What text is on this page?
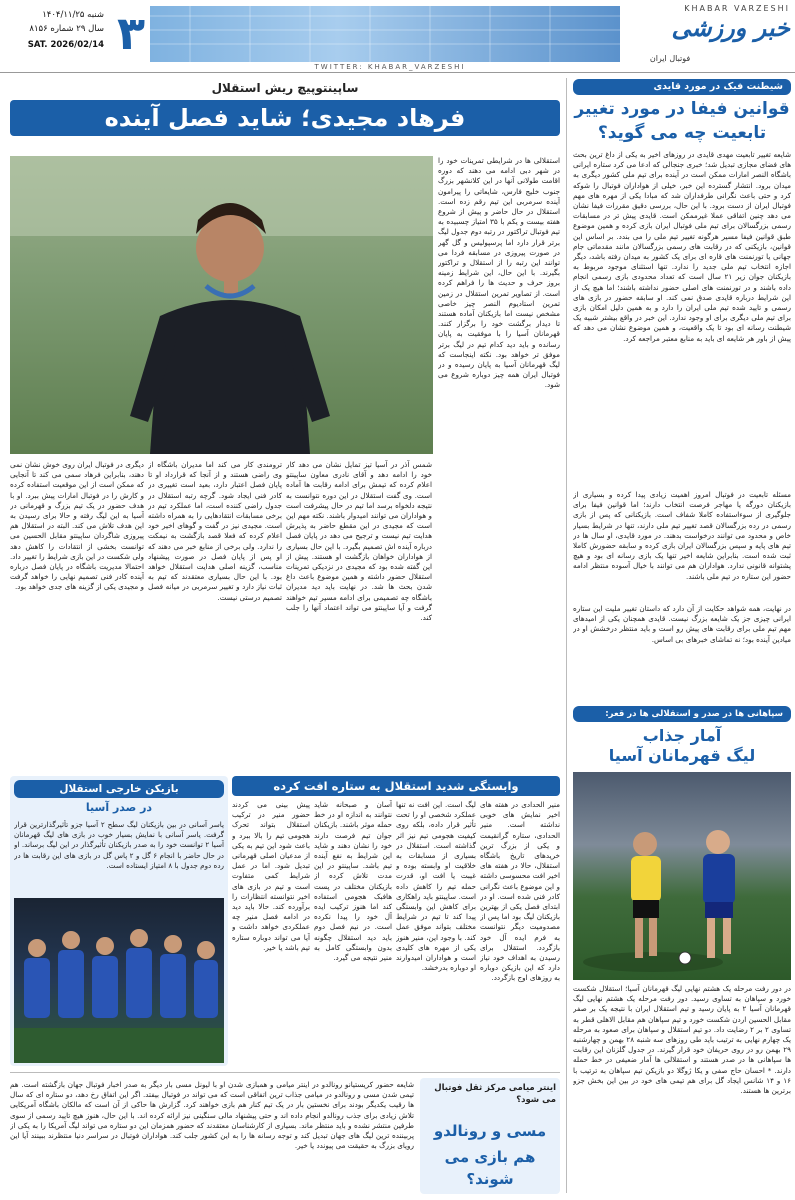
KHABAR VARZESHI
خبر ورزشی
فوتبال ایران
۳
شنبه ۱۴۰۴/۱۱/۲۵
سال ۲۹ شماره ۸۱۵۶
SAT. 2026/02/14
TWITTER: KHABAR_VARZESHI
شیطنت فیک در مورد قایدی
قوانین فیفا در مورد تغییر
تابعیت چه می گوید؟
شایعه تغییر تابعیت مهدی قایدی در روزهای اخیر به یکی از داغ ترین بحث های فضای مجازی تبدیل شد؛ خبری جنجالی که ادعا می کرد ستاره ایرانی باشگاه النصر امارات ممکن است در آینده برای تیم ملی کشور دیگری به میدان برود. انتشار گسترده این خبر، خیلی از هواداران فوتبال را شوکه کرد و حتی باعث نگرانی طرفداران شد که مبادا یکی از مهره های مهم فوتبال ایران از دست برود. با این حال، بررسی دقیق مقررات فیفا نشان می دهد چنین اتفاقی عملا غیرممکن است. قایدی پیش تر در مسابقات رسمی بزرگسالان برای تیم ملی فوتبال ایران بازی کرده و همین موضوع طبق قوانین فیفا مسیر هرگونه تغییر تیم ملی را می بندد. بر اساس این قوانین، بازیکنی که در رقابت های رسمی بزرگسالان مانند مقدماتی جام جهانی یا تورنمنت های قاره ای برای یک کشور به میدان رفته باشد، دیگر اجازه انتخاب تیم ملی جدید را ندارد. تنها استثنای موجود مربوط به بازیکنان جوان زیر ۲۱ سال است که تعداد محدودی بازی رسمی انجام داده باشند و در تورنمنت های اصلی حضور نداشته باشند؛ اما هیچ یک از این شرایط درباره قایدی صدق نمی کند. او سابقه حضور در بازی های رسمی و تایید شده تیم ملی ایران را دارد و به همین دلیل امکان بازی برای تیم ملی دیگری برای او وجود ندارد. این خبر در واقع بیشتر شبیه یک شیطنت رسانه ای بود تا یک واقعیت، و همین موضوع نشان می دهد که پیش از باور هر شایعه ای باید به منابع معتبر مراجعه کرد.
مسئله تابعیت در فوتبال امروز اهمیت زیادی پیدا کرده و بسیاری از بازیکنان دورگه یا مهاجر فرصت انتخاب دارند؛ اما قوانین فیفا برای جلوگیری از سوءاستفاده کاملا شفاف است. بازیکنانی که پس از بازی رسمی در رده بزرگسالان قصد تغییر تیم ملی دارند، تنها در شرایط بسیار خاص و محدود می توانند درخواست بدهند. در مورد قایدی، او سال ها در تیم های پایه و سپس بزرگسالان ایران بازی کرده و سابقه حضورش کاملا ثبت شده است. بنابراین شایعه اخیر تنها یک بازی رسانه ای بود و هیچ پشتوانه قانونی ندارد. هواداران هم می توانند با خیال آسوده منتظر ادامه حضور این ستاره در تیم ملی باشند.
در نهایت، همه شواهد حکایت از آن دارد که داستان تغییر ملیت این ستاره ایرانی چیزی جز یک شایعه بزرگ نیست. قایدی همچنان یکی از امیدهای مهم تیم ملی برای رقابت های پیش رو است و باید منتظر درخشش او در میادین آینده بود؛ نه تماشای خبرهای بی اساس.
سپاهانی ها در صدر و استقلالی ها در قعر:
آمار جذاب
لیگ قهرمانان آسیا
در دور رفت مرحله یک هشتم نهایی لیگ قهرمانان آسیا؛ استقلال شکست خورد و سپاهان به تساوی رسید. دور رفت مرحله یک هشتم نهایی لیگ قهرمانان آسیا ۲ به پایان رسید و تیم استقلال ایران با نتیجه یک بر صفر مقابل الحسین اردن شکست خورد و تیم سپاهان هم مقابل الاهلی قطر به تساوی ۲ بر ۲ رضایت داد. دو تیم استقلال و سپاهان برای صعود به مرحله یک چهارم نهایی به ترتیب باید طی روزهای سه شنبه ۲۸ بهمن و چهارشنبه ۲۹ بهمن رو در روی حریفان خود قرار گیرند. در جدول گلزنان این رقابت ها سپاهانی ها در صدر هستند و استقلالی ها آمار ضعیفی در خط حمله دارند. * احسان حاج صفی و یکا ژوگلا دو بازیکن تیم سپاهان به ترتیب با ۱۶ و ۱۴ شانس ایجاد گل برای هم تیمی های خود در بین این بخش جزو برترین ها هستند.
ساپینتوپیچ ریش استقلال
فرهاد مجیدی؛ شاید فصل آینده
استقلالی ها در شرایطی تمرینات خود را در شهر دبی ادامه می دهند که دوره اقامت طولانی آنها در این کلانشهر بزرگ جنوب خلیج فارس، شایعاتی را پیرامون آینده سرمربی این تیم رقم زده است. استقلال در حال حاضر و پیش از شروع هفته بیست و یکم با ۳۵ امتیاز چسبیده به تیم فوتبال تراکتور در رتبه دوم جدول لیگ برتر قرار دارد اما پرسپولیس و گل گهر در صورت پیروزی در مسابقه فردا می توانند این رتبه را از استقلال و تراکتور بگیرند. با این حال، این شرایط زمینه بروز حرف و حدیث ها را فراهم کرده است. از تصاویر تمرین استقلال در زمین تمرین استادیوم النصر چیز خاصی مشخص نیست اما بازیکنان آماده هستند تا دیدار برگشت خود را برگزار کنند. قهرمانان آسیا را با موفقیت به پایان رسانده و باید دید کدام تیم در لیگ برتر موفق تر خواهد بود. نکته اینجاست که لیگ قهرمانان آسیا به پایان رسیده و در فوتبال ایران همه چیز دوباره شروع می شود.
شمس آذر در آسیا تیز تمایل نشان می دهد کار خود را ادامه دهد و آقای نادری معاون ساپینتو اعلام کرده که تیمش برای ادامه رقابت ها آماده است. وی گفت استقلال در این دوره نتوانست به نتیجه دلخواه برسد اما تیم در حال پیشرفت است و هواداران می توانند امیدوار باشند. نکته مهم این است که مجیدی در این مقطع حاضر به پذیرش هدایت تیم نیست و ترجیح می دهد در پایان فصل درباره آینده اش تصمیم بگیرد. با این حال بسیاری از هواداران خواهان بازگشت او هستند. پیش از این گفته شده بود که مجیدی در نزدیکی تمرینات استقلال حضور داشته و همین موضوع باعث داغ شدن بحث ها شد. در نهایت باید دید مدیران باشگاه چه تصمیمی برای ادامه مسیر تیم خواهند گرفت و آیا ساپینتو می تواند اعتماد آنها را جلب کند.
ترومندی کار می کند اما مدیران باشگاه از وی راضی هستند و از آنجا که قرارداد او تا پایان فصل اعتبار دارد، بعید است تغییری در کادر فنی ایجاد شود. گرچه رتبه استقلال در جدول راضی کننده است، اما عملکرد تیم در برخی مسابقات انتقادهایی را به همراه داشته است. مجیدی نیز در گفت و گوهای اخیر خود اعلام کرده که فعلا قصد بازگشت به نیمکت را ندارد. ولی برخی از منابع خبر می دهند که او پس از پایان فصل در صورت پیشنهاد مناسب، گزینه اصلی هدایت استقلال خواهد بود. با این حال بسیاری معتقدند که تیم به ثبات نیاز دارد و تغییر سرمربی در میانه فصل تصمیم درستی نیست.
دیگری در فوتبال ایران روی خوش نشان نمی دهند، بنابراین فرهاد سمی می کند تا آنجایی که ممکن است از این موقعیت استفاده کرده و کارش را در فوتبال امارات پیش ببرد. او با هدف حضور در یک تیم بزرگ و قهرمانی در آسیا به این لیگ رفته و حالا برای رسیدن به این هدف تلاش می کند. البته در استقلال هم پیروزی شاگردان ساپینتو مقابل الحسین می توانست بخشی از انتقادات را کاهش دهد ولی شکست در این بازی شرایط را تغییر داد. احتمالا مدیریت باشگاه در پایان فصل درباره آینده کادر فنی تصمیم نهایی را خواهد گرفت و مجیدی یکی از گزینه های جدی خواهد بود.
بازیکن خارجی استقلال
در صدر آسیا
یاسر آسانی در بین بازیکنان لیگ سطح ۲ آسیا جزو تأثیرگذارترین قرار گرفت. یاسر آسانی با نمایش بسیار خوب در بازی های لیگ قهرمانان آسیا ۲ توانست خود را به صدر بازیکنان تأثیرگذار در این لیگ برساند. او در حال حاضر با انجام ۶ گل و ۲ پاس گل در بازی های این رقابت ها در رده دوم جدول با ۸ امتیاز ایستاده است.
وابستگی شدید استقلال به ستاره افت کرده
منیر الحدادی در هفته های اخیر نمایش های خوبی نداشته است. منیر الحدادی، ستاره گرانقیمت و یکی از بزرگ ترین خریدهای تاریخ باشگاه استقلال، حالا در هفته های اخیر افت محسوسی داشته و این موضوع باعث نگرانی کادر فنی شده است. او در ابتدای فصل یکی از بهترین بازیکنان لیگ بود اما پس از مصدومیت دیگر نتوانست به فرم ایده آل خود بازگردد. استقلال برای رسیدن به اهداف خود نیاز دارد که این بازیکن دوباره به روزهای اوج بازگردد.
لیگ است. این افت نه تنها عملکرد شخصی او را تحت تأثیر قرار داده، بلکه روی کیفیت هجومی تیم نیز اثر گذاشته است. استقلال در بسیاری از مسابقات به خلاقیت او وابسته بوده و غیبت یا افت او، قدرت حمله تیم را کاهش داده است. ساپینتو باید راهکاری برای کاهش این وابستگی پیدا کند تا تیم در شرایط مختلف بتواند موفق عمل کند. با وجود این، منیر هنوز یکی از مهره های کلیدی است و هواداران امیدوارند او دوباره بدرخشد.
آسان و صبحانه شاید نتوانند به اندازه او در خط حمله موثر باشند. بازیکنان جوان تیم فرصت دارند خود را نشان دهند و شاید این شرایط به نفع آینده تیم باشد. ساپینتو در این مدت تلاش کرده از بازیکنان مختلف در پست هافبک هجومی استفاده کند اما هنوز ترکیب ایده آل خود را پیدا نکرده است. در نیم فصل دوم باید دید استقلال چگونه بدون وابستگی کامل به منیر نتیجه می گیرد.
پیش بینی می کردند حضور منیر در ترکیب استقلال بتواند تحرک هجومی تیم را بالا ببرد و باعث شود این تیم به یکی از مدعیان اصلی قهرمانی تبدیل شود. اما در عمل شرایط کمی متفاوت است و تیم در بازی های اخیر نتوانسته انتظارات را برآورده کند. حالا باید دید در ادامه فصل منیر چه عملکردی خواهد داشت و آیا می تواند دوباره ستاره تیم باشد یا خیر.
اینتر میامی مرکز ثقل فوتبال می شود؟
مسی و رونالدو
هم بازی می شوند؟
شایعه حضور کریستیانو رونالدو در اینتر میامی و همبازی شدن او با لیونل مسی بار دیگر به صدر اخبار فوتبال جهان بازگشته است. هم تیمی شدن مسی و رونالدو در میامی جذاب ترین اتفاقی است که می تواند در فوتبال بیفتد. اگر این اتفاق رخ دهد، دو ستاره ای که سال ها رقیب یکدیگر بودند برای نخستین بار در یک تیم کنار هم بازی خواهند کرد. گزارش ها حاکی از آن است که مالکان باشگاه آمریکایی تلاش زیادی برای جذب رونالدو انجام داده اند و حتی پیشنهاد مالی سنگینی نیز ارائه کرده اند. با این حال، هنوز هیچ تایید رسمی از سوی طرفین منتشر نشده و باید منتظر ماند. بسیاری از کارشناسان معتقدند که حضور همزمان این دو ستاره می تواند لیگ آمریکا را به یکی از پربیننده ترین لیگ های جهان تبدیل کند و توجه رسانه ها را به این کشور جلب کند. هواداران فوتبال در سراسر دنیا منتظرند ببینند آیا این رویای بزرگ به حقیقت می پیوندد یا خیر.
